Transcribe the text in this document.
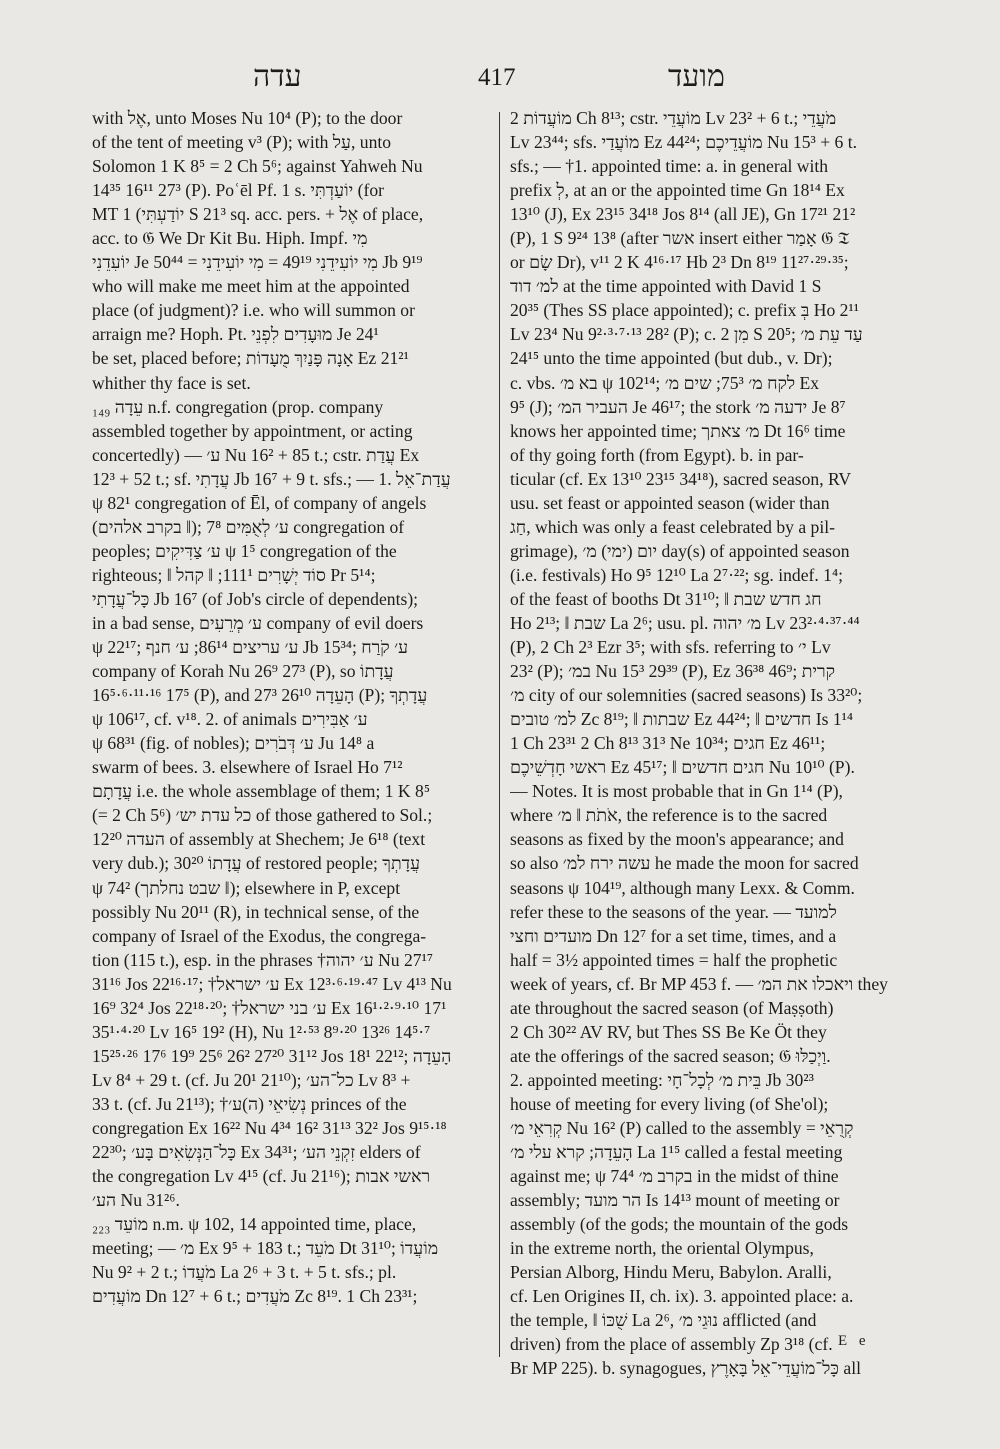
עדה	417	מועד
with אֶל, unto Moses Nu 10⁴ (P); to the door
of the tent of meeting v³ (P); with עַל, unto
Solomon 1 K 8⁵ = 2 Ch 5⁶; against Yahweh Nu
14³⁵ 16¹¹ 27³ (P). Poʿēl Pf. 1 s. יוֹעַדְתִּי (for
MT יוֹדַעְתִּי) 1 S 21³ sq. acc. pers. + אֶל of place,
acc. to 𝔊 We Dr Kit Bu. Hiph. Impf. מִי
יוֹעִדֵנִי Je 50⁴⁴ = מִי יוֹעִידֵנִי 49¹⁹ = מִי יוֹעִידֵנִי Jb 9¹⁹
who will make me meet him at the appointed
place (of judgment)? i.e. who will summon or
arraign me? Hoph. Pt. מוּעָדִים לִפְנֵי Je 24¹
be set, placed before; אָנָה פָּנַיִךְ מֻעָדוֹת Ez 21²¹
whither thy face is set.
עֵדָה ₁₄₉ n.f. congregation (prop. company
assembled together by appointment, or acting
concertedly) — ע׳ Nu 16² + 85 t.; cstr. עֲדַת Ex
12³ + 52 t.; sf. עֲדָתִי Jb 16⁷ + 9 t. sfs.; — 1. עֲדַת־אֵל
ψ 82¹ congregation of Ēl, of company of angels
(בקרב אלהים ‖); ע׳ לְאֻמִּים 7⁸ congregation of
peoples; ע׳ צַדִּיקִים ψ 1⁵ congregation of the
righteous; ‖ סוֹד יְשָׁרִים 111¹; ‖ קהל Pr 5¹⁴;
כָּל־עֲדָתִי Jb 16⁷ (of Job's circle of dependents);
in a bad sense, ע׳ מְרֵעִים company of evil doers
ψ 22¹⁷; ע׳ עריצים 86¹⁴; ע׳ חנף Jb 15³⁴; ע׳ קֹרַח
company of Korah Nu 26⁹ 27³ (P), so עֲדָתוֹ
16⁵·⁶·¹¹·¹⁶ 17⁵ (P), and הָעֵדָה 26¹⁰ 27³ (P); עֲדָתְךָ
ψ 106¹⁷, cf. v¹⁸. 2. of animals ע׳ אַבִּירִים
ψ 68³¹ (fig. of nobles); ע׳ דְּבֹרִים Ju 14⁸ a
swarm of bees. 3. elsewhere of Israel Ho 7¹²
עֲדָתָם i.e. the whole assemblage of them; 1 K 8⁵
(= 2 Ch 5⁶) כל עדת יש׳ of those gathered to Sol.;
12²⁰ העדה of assembly at Shechem; Je 6¹⁸ (text
very dub.); עֲדָתוֹ 30²⁰ of restored people; עֲדָתְךָ
ψ 74² (שבט נחלתך ‖); elsewhere in P, except
possibly Nu 20¹¹ (R), in technical sense, of the
company of Israel of the Exodus, the congrega-
tion (115 t.), esp. in the phrases †ע׳ יהוה Nu 27¹⁷
31¹⁶ Jos 22¹⁶·¹⁷; †ע׳ ישראל Ex 12³·⁶·¹⁹·⁴⁷ Lv 4¹³ Nu
16⁹ 32⁴ Jos 22¹⁸·²⁰; †ע׳ בני ישראל Ex 16¹·²·⁹·¹⁰ 17¹
35¹·⁴·²⁰ Lv 16⁵ 19² (H), Nu 1²·⁵³ 8⁹·²⁰ 13²⁶ 14⁵·⁷
15²⁵·²⁶ 17⁶ 19⁹ 25⁶ 26² 27²⁰ 31¹² Jos 18¹ 22¹²; הָעֵדָה
Lv 8⁴ + 29 t. (cf. Ju 20¹ 21¹⁰); כל־הע׳ Lv 8³ +
33 t. (cf. Ju 21¹³); †נְשִׂיאֵי (ה)ע׳ princes of the
congregation Ex 16²² Nu 4³⁴ 16² 31¹³ 32² Jos 9¹⁵·¹⁸
22³⁰; כָּל־הַנְּשִׂאִים בָּע׳ Ex 34³¹; זִקְנֵי הע׳ elders of
the congregation Lv 4¹⁵ (cf. Ju 21¹⁶); ראשי אבות
הע׳ Nu 31²⁶.
מוֹעֵד ₂₂₃ n.m. ψ 102, 14 appointed time, place,
meeting; — מ׳ Ex 9⁵ + 183 t.; מֹעֵד Dt 31¹⁰; מוֹעֲדוֹ
Nu 9² + 2 t.; מֹעֲדוֹ La 2⁶ + 3 t. + 5 t. sfs.; pl.
מוֹעֲדִים Dn 12⁷ + 6 t.; מֹעֲדִים Zc 8¹⁹. 1 Ch 23³¹;
מוֹעֲדוֹת 2 Ch 8¹³; cstr. מוֹעֲדֵי Lv 23² + 6 t.; מֹעֲדֵי
Lv 23⁴⁴; sfs. מוֹעֲדַי Ez 44²⁴; מוֹעֲדֵיכֶם Nu 15³ + 6 t.
sfs.; — †1. appointed time: a. in general with
prefix לְ, at an or the appointed time Gn 18¹⁴ Ex
13¹⁰ (J), Ex 23¹⁵ 34¹⁸ Jos 8¹⁴ (all JE), Gn 17²¹ 21²
(P), 1 S 9²⁴ 13⁸ (after אשר insert either אָמַר 𝔊 𝔗
or שָׂם Dr), v¹¹ 2 K 4¹⁶·¹⁷ Hb 2³ Dn 8¹⁹ 11²⁷·²⁹·³⁵;
למ׳ דוד at the time appointed with David 1 S
20³⁵ (Thes SS place appointed); c. prefix בְּ Ho 2¹¹
Lv 23⁴ Nu 9²·³·⁷·¹³ 28² (P); c. מִן 2 S 20⁵; עַד עֵת מ׳
24¹⁵ unto the time appointed (but dub., v. Dr);
c. vbs. בא מ׳ ψ 102¹⁴; לקח מ׳ 75³; שים מ׳ Ex
9⁵ (J); העביר המ׳ Je 46¹⁷; the stork ידעה מ׳ Je 8⁷
knows her appointed time; מ׳ צאתך Dt 16⁶ time
of thy going forth (from Egypt). b. in par-
ticular (cf. Ex 13¹⁰ 23¹⁵ 34¹⁸), sacred season, RV
usu. set feast or appointed season (wider than
חַג, which was only a feast celebrated by a pil-
grimage), יום (ימי) מ׳ day(s) of appointed season
(i.e. festivals) Ho 9⁵ 12¹⁰ La 2⁷·²²; sg. indef. 1⁴;
of the feast of booths Dt 31¹⁰; ‖ חג חדש שבת
Ho 2¹³; ‖ שבת La 2⁶; usu. pl. מ׳ יהוה Lv 23²·⁴·³⁷·⁴⁴
(P), 2 Ch 2³ Ezr 3⁵; with sfs. referring to י׳ Lv
23² (P); במ׳ Nu 15³ 29³⁹ (P), Ez 36³⁸ 46⁹; קרית
מ׳ city of our solemnities (sacred seasons) Is 33²⁰;
למ׳ טובים Zc 8¹⁹; ‖ שבתות Ez 44²⁴; ‖ חדשים Is 1¹⁴
1 Ch 23³¹ 2 Ch 8¹³ 31³ Ne 10³⁴; חגים Ez 46¹¹;
ראשי חָדְשֵׁיכֶם Ez 45¹⁷; ‖ חגים חדשים Nu 10¹⁰ (P).
— Notes. It is most probable that in Gn 1¹⁴ (P),
where אֹתֹת ‖ מ׳, the reference is to the sacred
seasons as fixed by the moon's appearance; and
so also עשה ירח למ׳ he made the moon for sacred
seasons ψ 104¹⁹, although many Lexx. & Comm.
refer these to the seasons of the year. — למועד
מועדים וחצי Dn 12⁷ for a set time, times, and a
half = 3½ appointed times = half the prophetic
week of years, cf. Br MP 453 f. — ויאכלו את המ׳ they
ate throughout the sacred season (of Maṣṣoth)
2 Ch 30²² AV RV, but Thes SS Be Ke Öt they
ate the offerings of the sacred season; 𝔊 וַיְכַלּוּ.
2. appointed meeting: בֵּית מ׳ לְכָל־חָי Jb 30²³
house of meeting for every living (of She'ol);
קְרִאֵי מ׳ Nu 16² (P) called to the assembly = קְרֻאֵי
הָעֵדָה; קרא עלי מ׳ La 1¹⁵ called a festal meeting
against me; ψ 74⁴ בקרב מ׳ in the midst of thine
assembly; הר מועד Is 14¹³ mount of meeting or
assembly (of the gods; the mountain of the gods
in the extreme north, the oriental Olympus,
Persian Alborg, Hindu Meru, Babylon. Aralli,
cf. Len Origines II, ch. ix). 3. appointed place: a.
the temple, ‖ שֻׁכּוֹ La 2⁶, נוּגֵי מ׳ afflicted (and
driven) from the place of assembly Zp 3¹⁸ (cf.
Br MP 225). b. synagogues, כָּל־מוֹעֲדֵי־אֵל בָּאָרֶץ all
E e
